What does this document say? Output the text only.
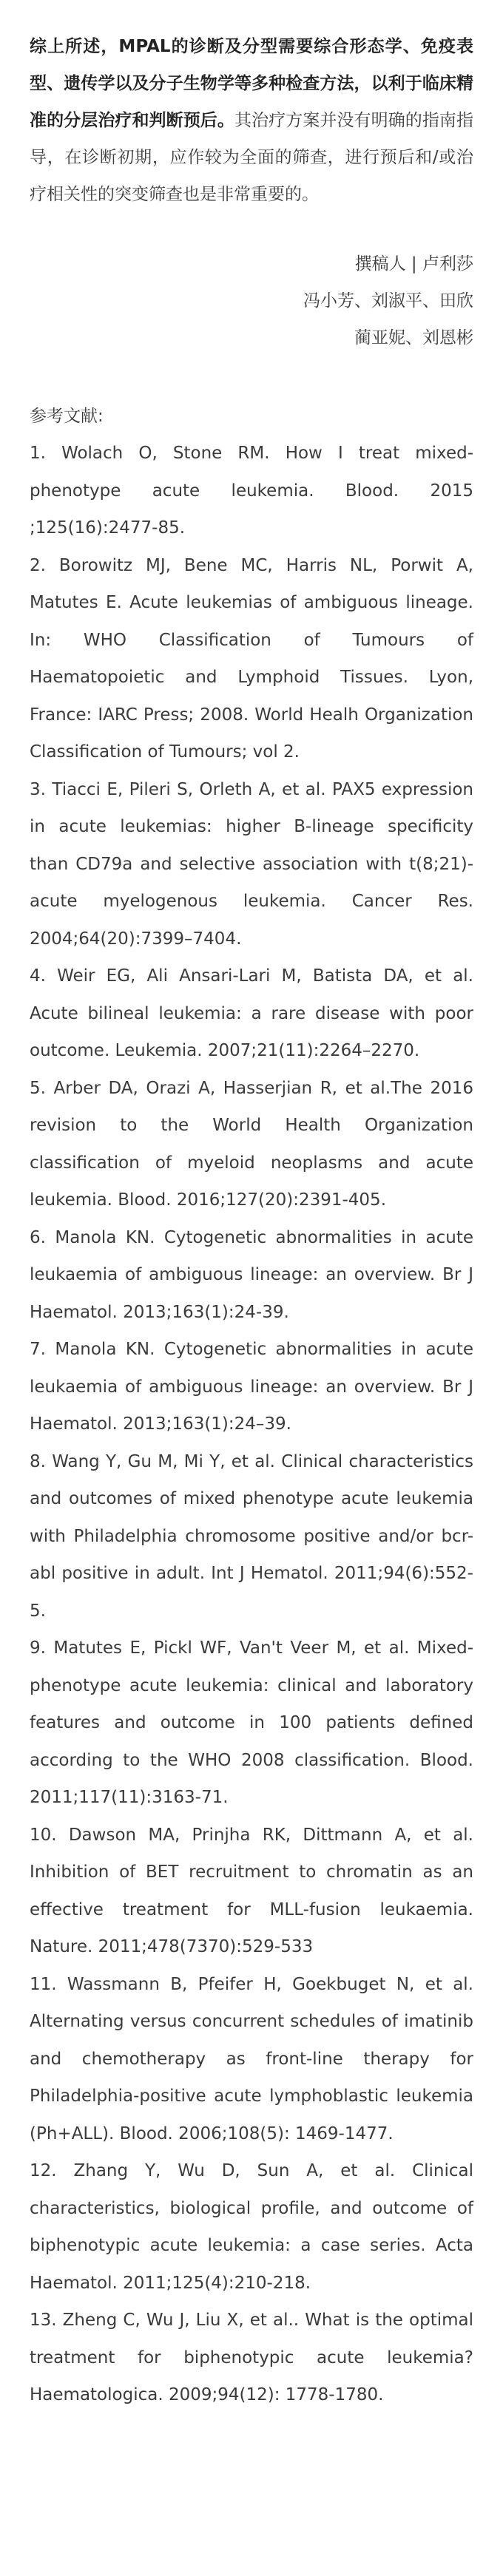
综上所述，MPAL的诊断及分型需要综合形态学、免疫表型、遗传学以及分子生物学等多种检查方法，以利于临床精准的分层治疗和判断预后。其治疗方案并没有明确的指南指导，在诊断初期，应作较为全面的筛查，进行预后和/或治疗相关性的突变筛查也是非常重要的。

撰稿人 | 卢利莎
冯小芳、刘淑平、田欣
蔺亚妮、刘恩彬
参考文献:
1. Wolach O, Stone RM. How I treat mixed-phenotype acute leukemia. Blood. 2015 ;125(16):2477-85.
2. Borowitz MJ, Bene MC, Harris NL, Porwit A, Matutes E. Acute leukemias of ambiguous lineage. In: WHO Classification of Tumours of Haematopoietic and Lymphoid Tissues. Lyon, France: IARC Press; 2008. World Healh Organization Classification of Tumours; vol 2.
3. Tiacci E, Pileri S, Orleth A, et al. PAX5 expression in acute leukemias: higher B-lineage specificity than CD79a and selective association with t(8;21)-acute myelogenous leukemia. Cancer Res. 2004;64(20):7399–7404.
4. Weir EG, Ali Ansari-Lari M, Batista DA, et al. Acute bilineal leukemia: a rare disease with poor outcome. Leukemia. 2007;21(11):2264–2270.
5. Arber DA, Orazi A, Hasserjian R, et al.The 2016 revision to the World Health Organization classification of myeloid neoplasms and acute leukemia. Blood. 2016;127(20):2391-405.
6. Manola KN. Cytogenetic abnormalities in acute leukaemia of ambiguous lineage: an overview. Br J Haematol. 2013;163(1):24-39.
7. Manola KN. Cytogenetic abnormalities in acute leukaemia of ambiguous lineage: an overview. Br J Haematol. 2013;163(1):24–39.
8. Wang Y, Gu M, Mi Y, et al. Clinical characteristics and outcomes of mixed phenotype acute leukemia with Philadelphia chromosome positive and/or bcr-abl positive in adult. Int J Hematol. 2011;94(6):552-5.
9. Matutes E, Pickl WF, Van't Veer M, et al. Mixed-phenotype acute leukemia: clinical and laboratory features and outcome in 100 patients defined according to the WHO 2008 classification. Blood. 2011;117(11):3163-71.
10. Dawson MA, Prinjha RK, Dittmann A, et al. Inhibition of BET recruitment to chromatin as an effective treatment for MLL-fusion leukaemia. Nature. 2011;478(7370):529-533
11. Wassmann B, Pfeifer H, Goekbuget N, et al. Alternating versus concurrent schedules of imatinib and chemotherapy as front-line therapy for Philadelphia-positive acute lymphoblastic leukemia (Ph+ALL). Blood. 2006;108(5): 1469-1477.
12. Zhang Y, Wu D, Sun A, et al. Clinical characteristics, biological profile, and outcome of biphenotypic acute leukemia: a case series. Acta Haematol. 2011;125(4):210-218.
13. Zheng C, Wu J, Liu X, et al.. What is the optimal treatment for biphenotypic acute leukemia? Haematologica. 2009;94(12): 1778-1780.
